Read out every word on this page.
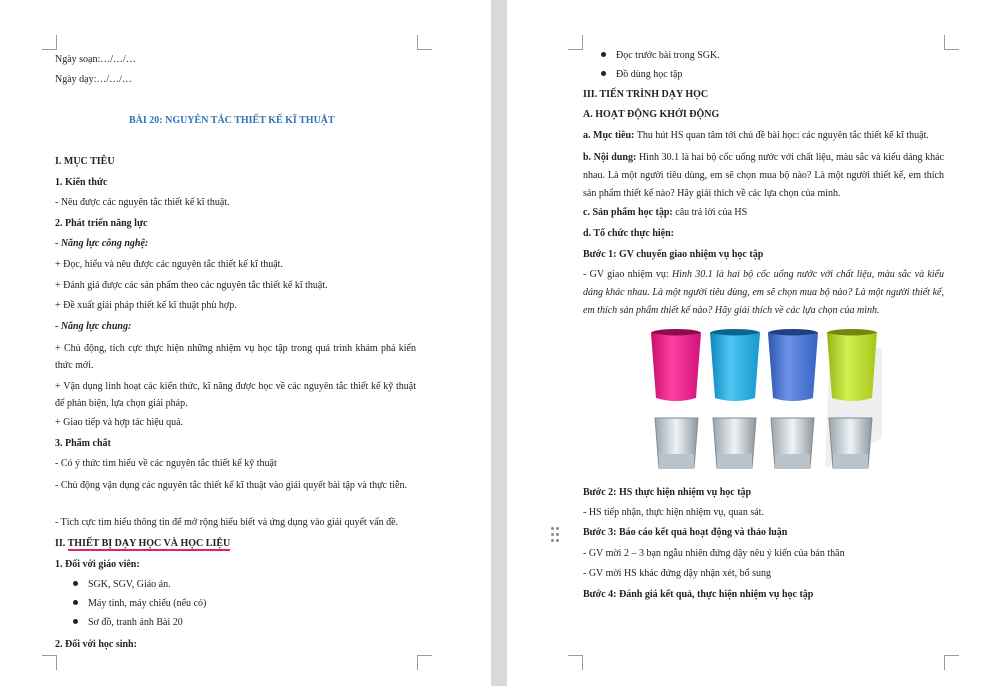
Ngày soạn:…/…/…

Ngày dạy:…/…/…

BÀI 20: NGUYÊN TẮC THIẾT KẾ KĨ THUẬT

I. MỤC TIÊU

1. Kiến thức

- Nêu được các nguyên tắc thiết kế kĩ thuật.

2. Phát triển năng lực

- Năng lực công nghệ:

+ Đọc, hiểu và nêu được các nguyên tắc thiết kế kĩ thuật.

+ Đánh giá được các sản phẩm theo các nguyên tắc thiết kế kĩ thuật.

+ Đề xuất giải pháp thiết kế kĩ thuật phù hợp.

- Năng lực chung:

+ Chủ động, tích cực thực hiện những nhiệm vụ học tập trong quá trình khám phá kiến thức mới.

+ Vận dụng linh hoạt các kiến thức, kĩ năng được học về các nguyên tắc thiết kế kỹ thuật để phản biện, lựa chọn giải pháp.

+ Giao tiếp và hợp tác hiệu quả.

3. Phẩm chất

- Có ý thức tìm hiểu về các nguyên tắc thiết kế kỹ thuật

- Chủ động vận dụng các nguyên tắc thiết kế kĩ thuật vào giải quyết bài tập và thực tiễn.

- Tích cực tìm hiểu thông tin để mở rộng hiểu biết và ứng dụng vào giải quyết vấn đề.

II. THIẾT BỊ DẠY HỌC VÀ HỌC LIỆU

1. Đối với giáo viên:

SGK, SGV, Giáo án.
Máy tính, máy chiếu (nếu có)
Sơ đồ, tranh ảnh Bài 20

2. Đối với học sinh:

Đọc trước bài trong SGK.
Đồ dùng học tập

III. TIẾN TRÌNH DẠY HỌC

A. HOẠT ĐỘNG KHỞI ĐỘNG

a. Mục tiêu: Thu hút HS quan tâm tới chủ đề bài học: các nguyên tắc thiết kế kĩ thuật.

b. Nội dung: Hình 30.1 là hai bộ cốc uống nước với chất liệu, màu sắc và kiểu dáng khác nhau. Là một người tiêu dùng, em sẽ chọn mua bộ nào? Là một người thiết kế, em thích sản phẩm thiết kế nào? Hãy giải thích về các lựa chọn của mình.

c. Sản phẩm học tập: câu trả lời của HS

d. Tổ chức thực hiện:

Bước 1: GV chuyển giao nhiệm vụ học tập

- GV giao nhiệm vụ: Hình 30.1 là hai bộ cốc uống nước với chất liệu, màu sắc và kiểu dáng khác nhau. Là một người tiêu dùng, em sẽ chọn mua bộ nào? Là một người thiết kế, em thích sản phẩm thiết kế nào? Hãy giải thích về các lựa chọn của mình.

Bước 2: HS thực hiện nhiệm vụ học tập

- HS tiếp nhận, thực hiện nhiệm vụ, quan sát.

Bước 3: Báo cáo kết quả hoạt động và thảo luận

- GV mời 2 – 3 bạn ngẫu nhiên đứng dậy nêu ý kiến của bản thân

- GV mời HS khác đứng dậy nhận xét, bổ sung

Bước 4: Đánh giá kết quả, thực hiện nhiệm vụ học tập
